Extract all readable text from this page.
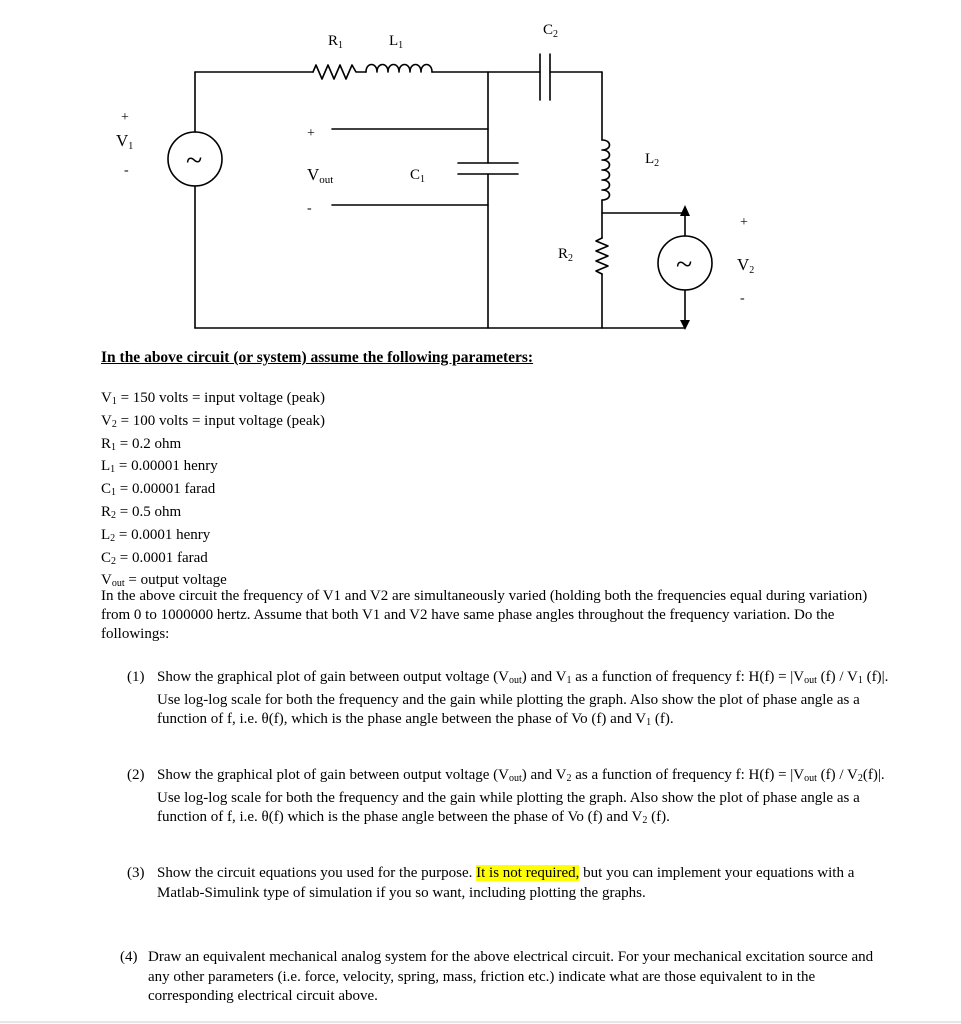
~
~
$R_1$	$L_1$
$C_2$
$C_1$
$L_2$
$R_2$
+
V1
-
+
Vout
-
+
V2
-
In the above circuit (or system) assume the following parameters:
V1 = 150 volts = input voltage (peak)
V2 = 100 volts = input voltage (peak)
R1 = 0.2 ohm
L1 = 0.00001 henry
C1 = 0.00001 farad
R2 = 0.5 ohm
L2 = 0.0001 henry
C2 = 0.0001 farad
Vout = output voltage
In the above circuit the frequency of V1 and V2 are simultaneously varied (holding both the frequencies equal during variation) from 0 to 1000000 hertz. Assume that both V1 and V2 have same phase angles throughout the frequency variation. Do the followings:
(1) Show the graphical plot of gain between output voltage (Vout) and V1 as a function of frequency f: H(f) = |Vout (f) / V1 (f)|. Use log-log scale for both the frequency and the gain while plotting the graph. Also show the plot of phase angle as a function of f, i.e. θ(f), which is the phase angle between the phase of Vo (f) and V1 (f).
(2) Show the graphical plot of gain between output voltage (Vout) and V2 as a function of frequency f: H(f) = |Vout (f) / V2(f)|. Use log-log scale for both the frequency and the gain while plotting the graph. Also show the plot of phase angle as a function of f, i.e. θ(f) which is the phase angle between the phase of Vo (f) and V2 (f).
(3) Show the circuit equations you used for the purpose. It is not required, but you can implement your equations with a Matlab-Simulink type of simulation if you so want, including plotting the graphs.
(4) Draw an equivalent mechanical analog system for the above electrical circuit. For your mechanical excitation source and any other parameters (i.e. force, velocity, spring, mass, friction etc.) indicate what are those equivalent to in the corresponding electrical circuit above.
